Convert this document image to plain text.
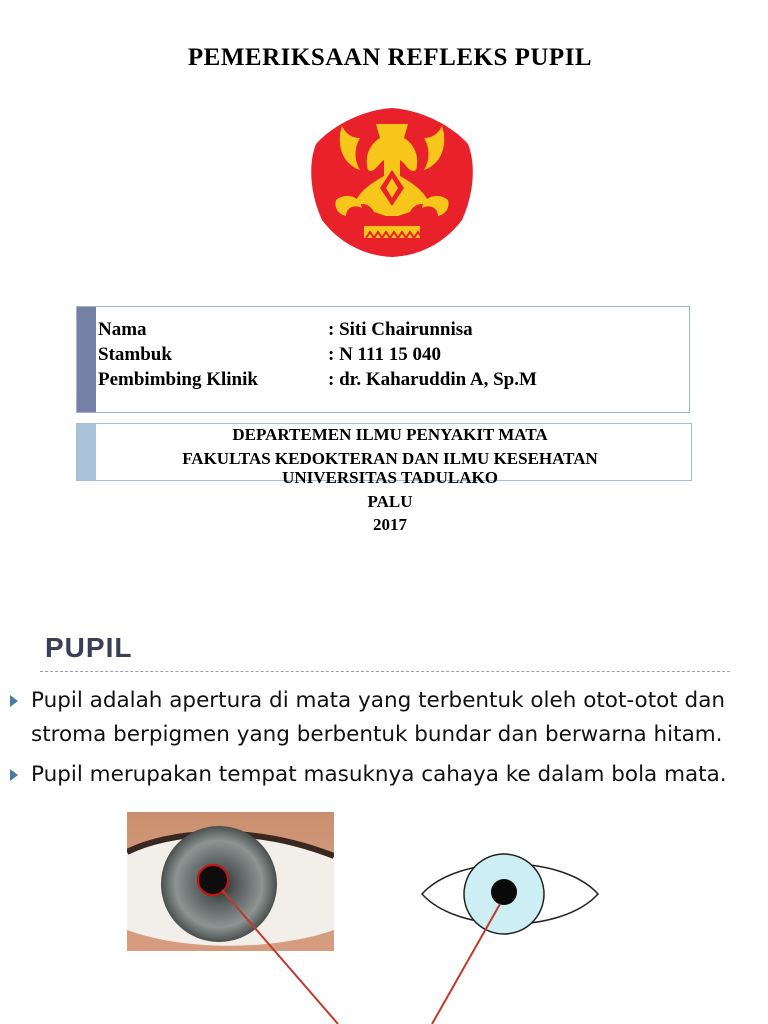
PEMERIKSAAN REFLEKS PUPIL
Nama	: Siti Chairunnisa
Stambuk	: N 111 15 040
Pembimbing Klinik	: dr. Kaharuddin A, Sp.M
DEPARTEMEN ILMU PENYAKIT MATA
FAKULTAS KEDOKTERAN DAN ILMU KESEHATAN
UNIVERSITAS TADULAKO
PALU
2017
PUPIL
Pupil adalah apertura di mata yang terbentuk oleh otot-otot dan stroma berpigmen yang berbentuk bundar dan berwarna hitam.
Pupil merupakan tempat masuknya cahaya ke dalam bola mata.
